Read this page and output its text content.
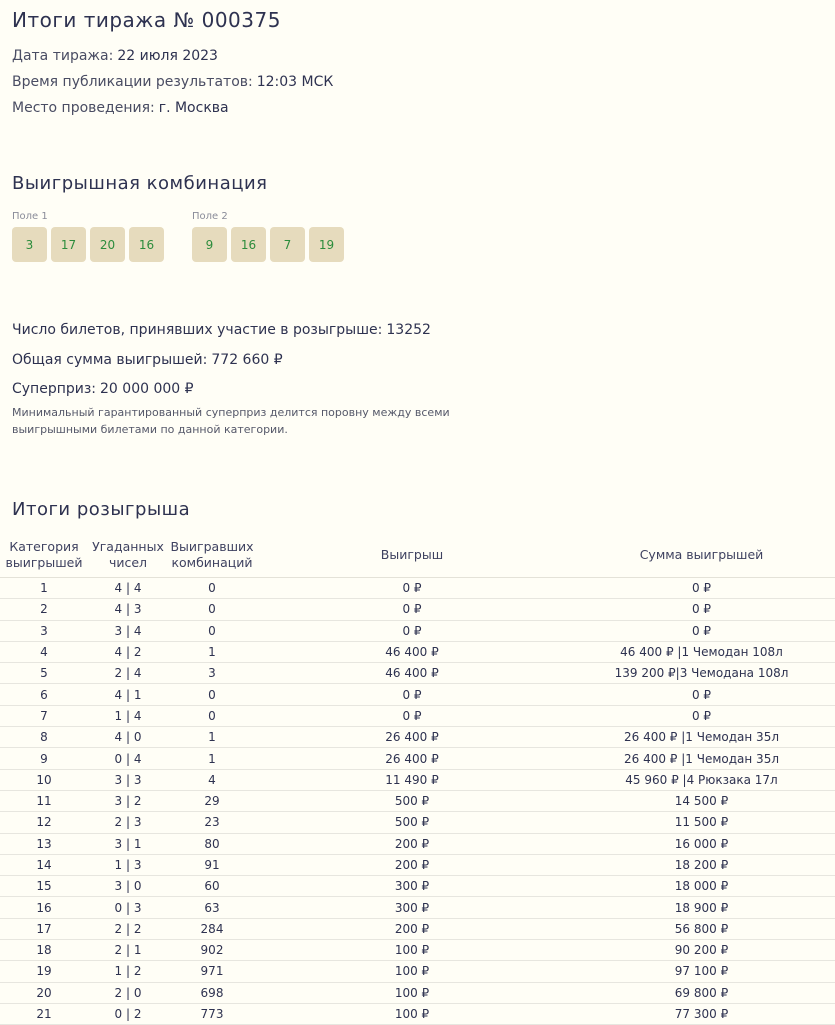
Итоги тиража № 000375
Дата тиража: 22 июля 2023
Время публикации результатов: 12:03 МСК
Место проведения: г. Москва
Выигрышная комбинация
Поле 1
3	17	20	16
Поле 2
9	16	7	19
Число билетов, принявших участие в розыгрыше: 13252
Общая сумма выигрышей: 772 660 ₽
Суперприз: 20 000 000 ₽
Минимальный гарантированный суперприз делится поровну между всеми выигрышными билетами по данной категории.
Итоги розыгрыша
Категория выигрышей	Угаданных чисел	Выигравших комбинаций	Выигрыш	Сумма выигрышей
1	4 | 4	0	0 ₽	0 ₽
2	4 | 3	0	0 ₽	0 ₽
3	3 | 4	0	0 ₽	0 ₽
4	4 | 2	1	46 400 ₽	46 400 ₽ |1 Чемодан 108л
5	2 | 4	3	46 400 ₽	139 200 ₽|3 Чемодана 108л
6	4 | 1	0	0 ₽	0 ₽
7	1 | 4	0	0 ₽	0 ₽
8	4 | 0	1	26 400 ₽	26 400 ₽ |1 Чемодан 35л
9	0 | 4	1	26 400 ₽	26 400 ₽ |1 Чемодан 35л
10	3 | 3	4	11 490 ₽	45 960 ₽ |4 Рюкзака 17л
11	3 | 2	29	500 ₽	14 500 ₽
12	2 | 3	23	500 ₽	11 500 ₽
13	3 | 1	80	200 ₽	16 000 ₽
14	1 | 3	91	200 ₽	18 200 ₽
15	3 | 0	60	300 ₽	18 000 ₽
16	0 | 3	63	300 ₽	18 900 ₽
17	2 | 2	284	200 ₽	56 800 ₽
18	2 | 1	902	100 ₽	90 200 ₽
19	1 | 2	971	100 ₽	97 100 ₽
20	2 | 0	698	100 ₽	69 800 ₽
21	0 | 2	773	100 ₽	77 300 ₽
